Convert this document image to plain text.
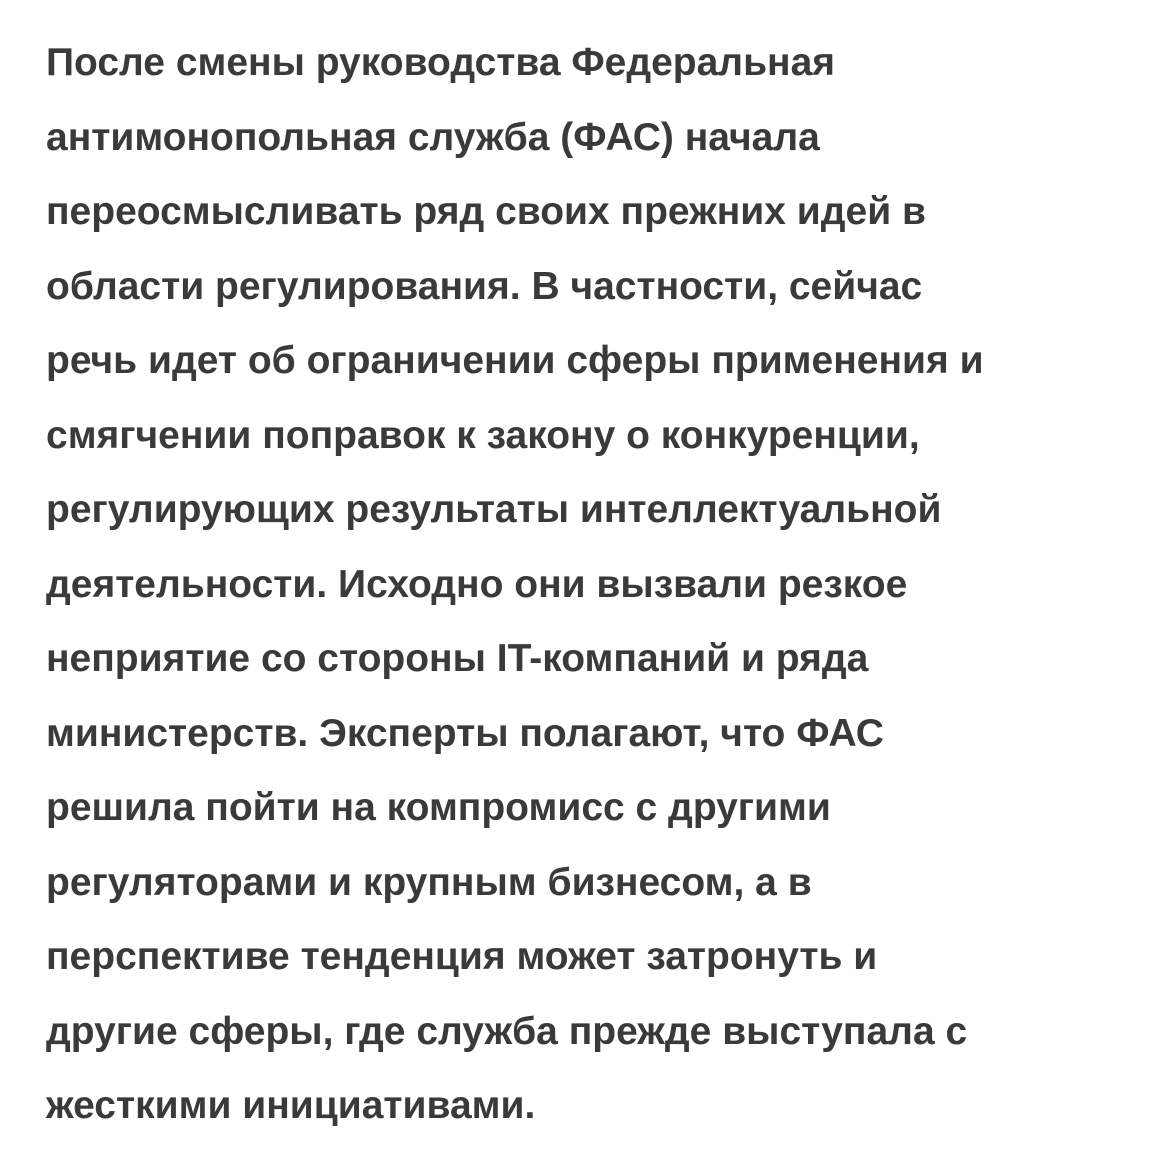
После смены руководства Федеральная
антимонопольная служба (ФАС) начала
переосмысливать ряд своих прежних идей в
области регулирования. В частности, сейчас
речь идет об ограничении сферы применения и
смягчении поправок к закону о конкуренции,
регулирующих результаты интеллектуальной
деятельности. Исходно они вызвали резкое
неприятие со стороны IT-компаний и ряда
министерств. Эксперты полагают, что ФАС
решила пойти на компромисс с другими
регуляторами и крупным бизнесом, а в
перспективе тенденция может затронуть и
другие сферы, где служба прежде выступала с
жесткими инициативами.
